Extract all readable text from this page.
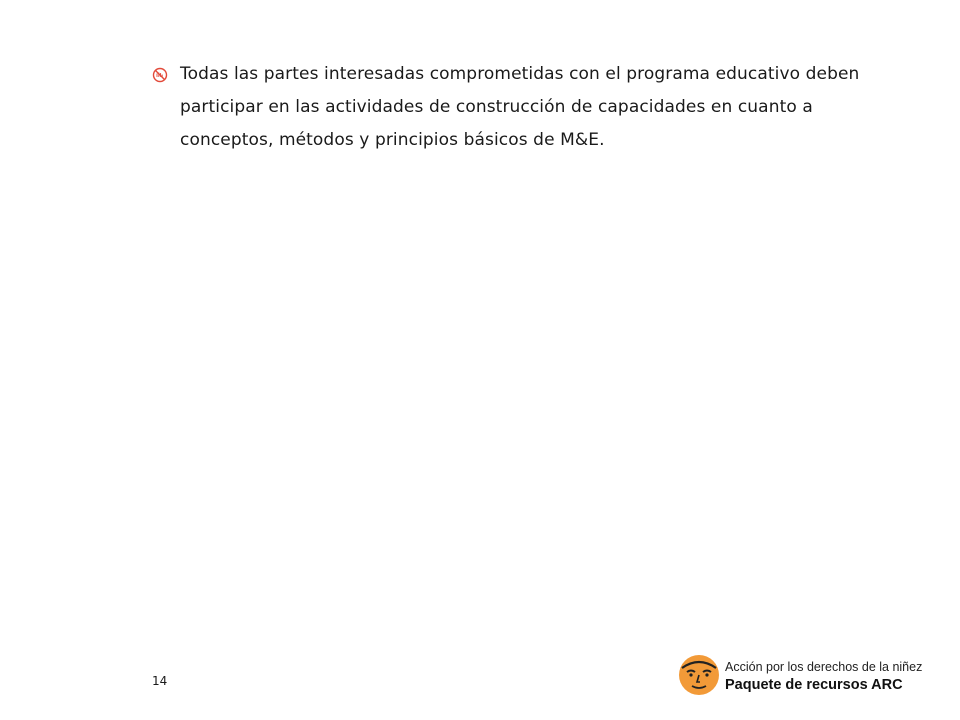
Todas las partes interesadas comprometidas con el programa educativo deben participar en las actividades de construcción de capacidades en cuanto a conceptos, métodos y principios básicos de M&E.

14
Acción por los derechos de la niñez
Paquete de recursos ARC
